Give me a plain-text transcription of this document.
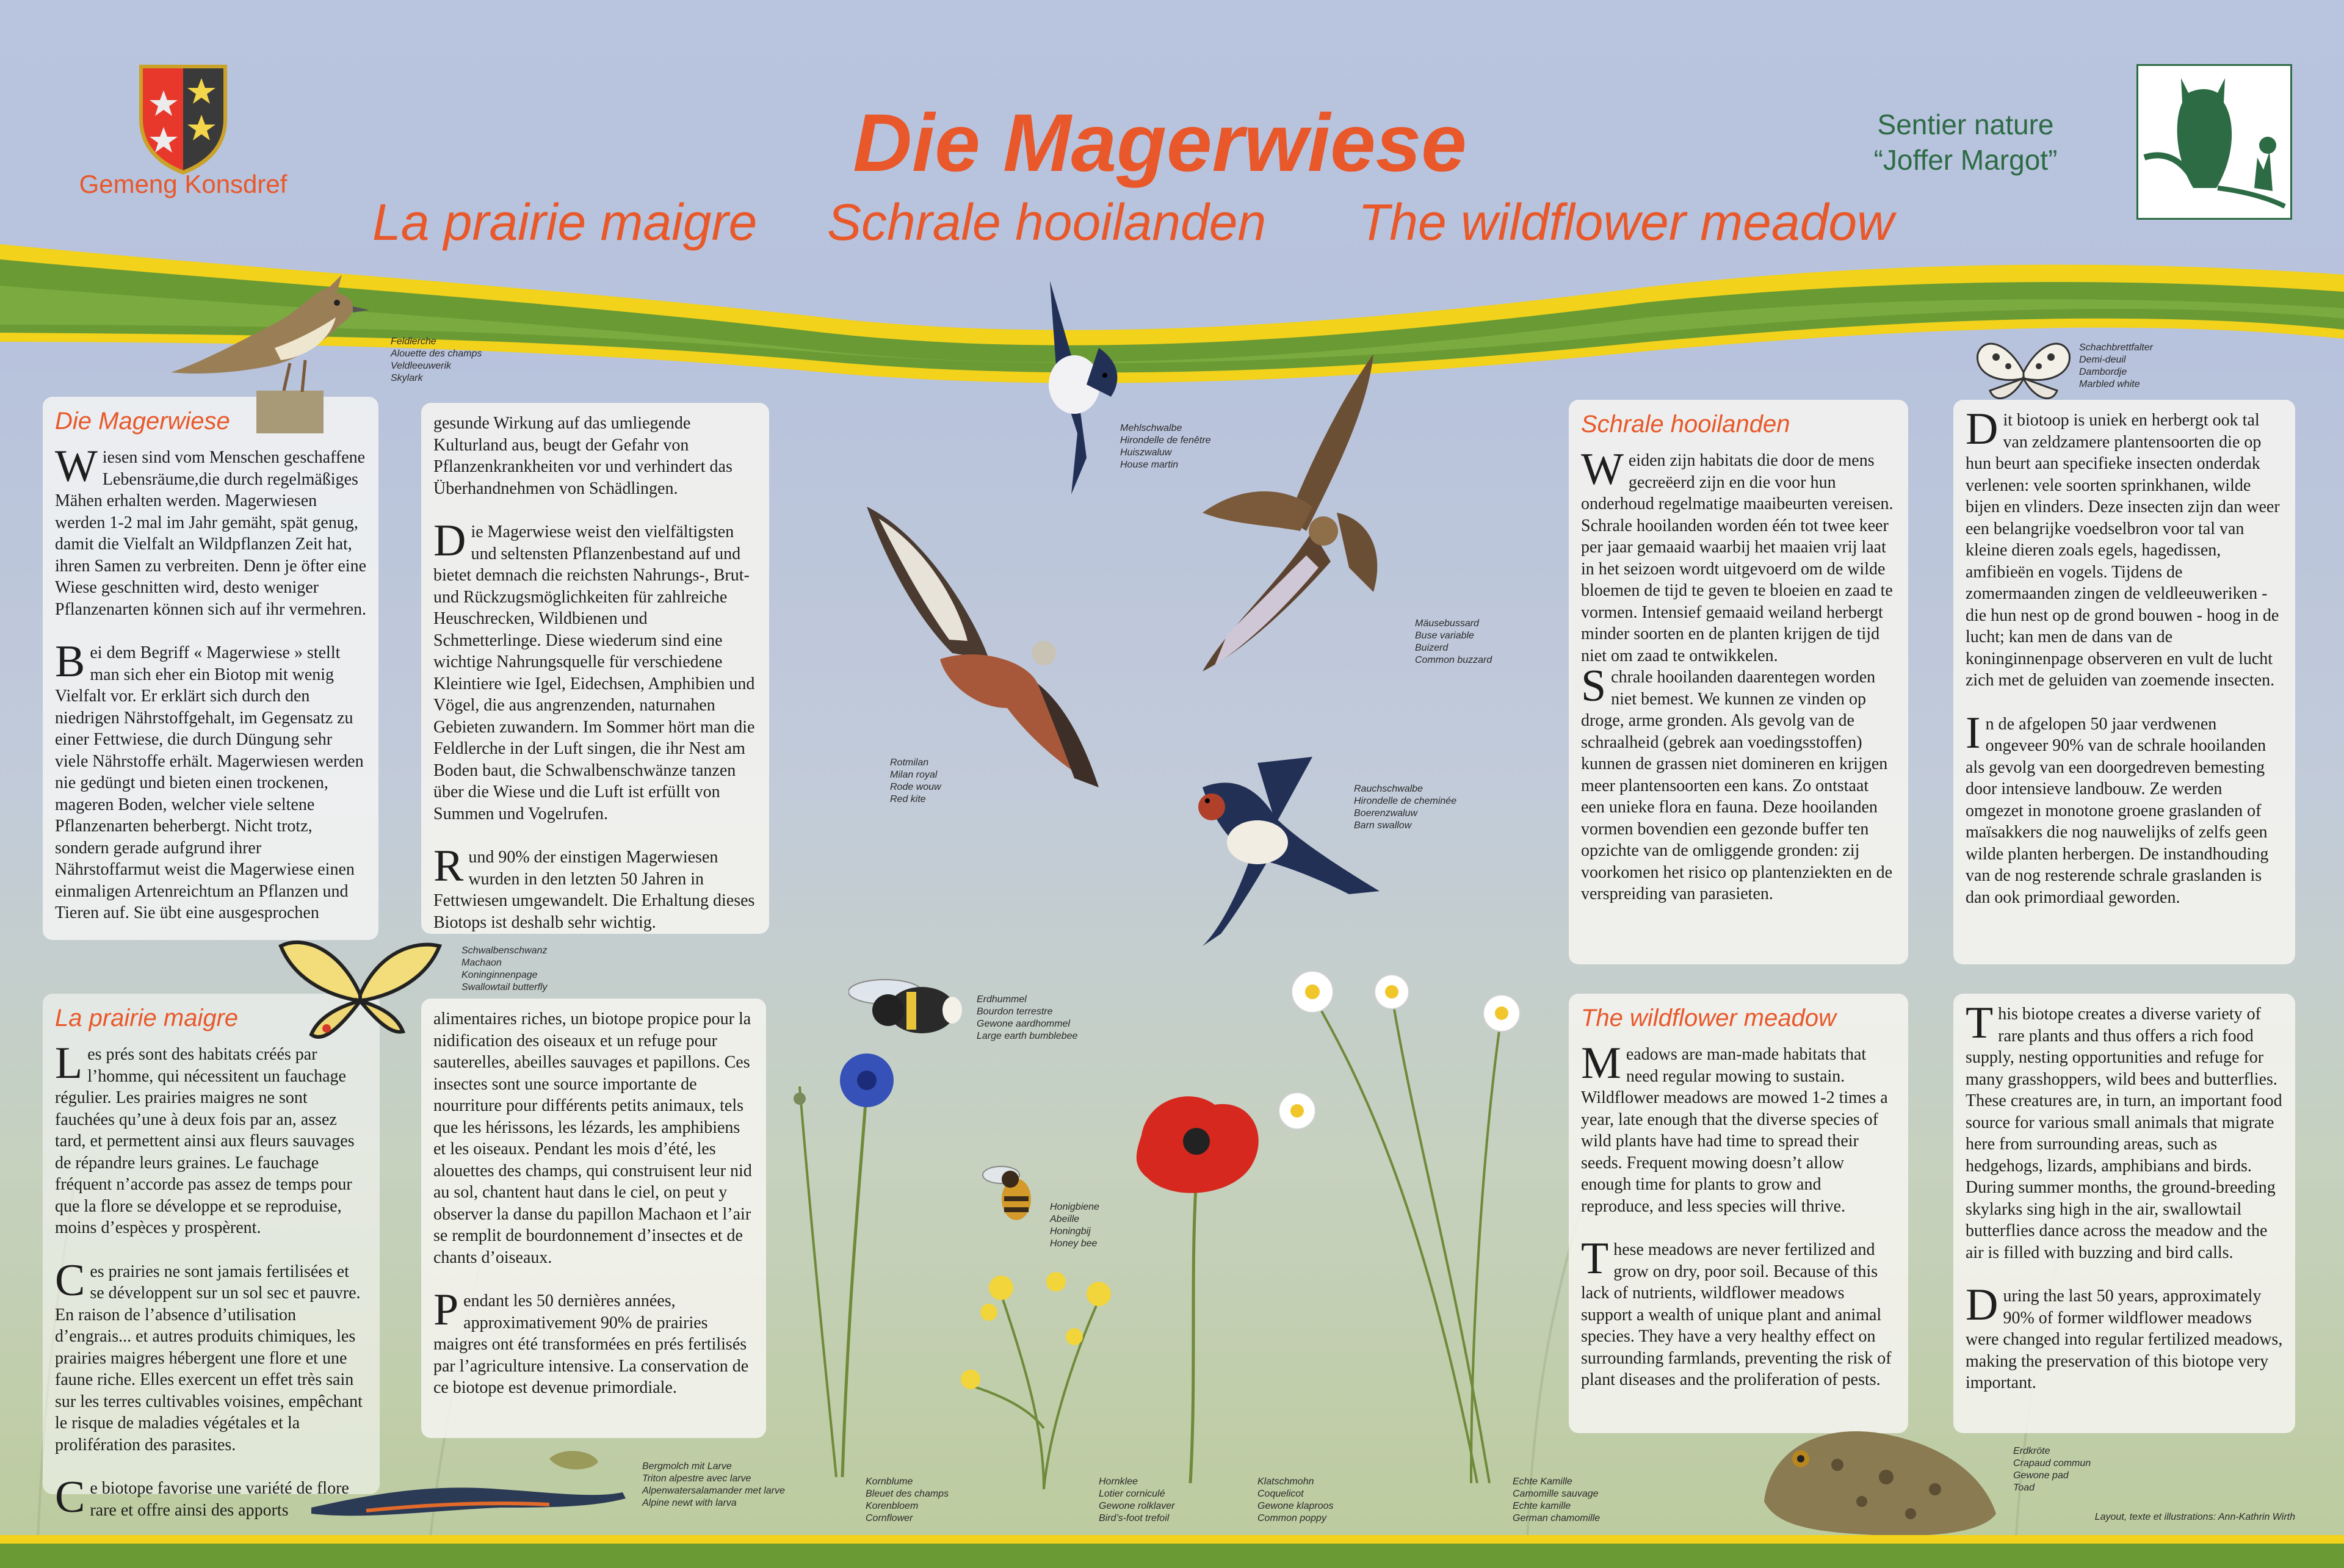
Gemeng Konsdref	Die Magerwiese
La prairie maigre Schrale hooilanden The wildflower meadow
Sentier nature
“Joffer Margot”
Die Magerwiese

Wiesen sind vom Menschen geschaffene Lebensräume,die durch regelmäßiges Mähen erhalten werden. Magerwiesen werden 1-2 mal im Jahr gemäht, spät genug, damit die Vielfalt an Wildpflanzen Zeit hat, ihren Samen zu verbreiten. Denn je öfter eine Wiese geschnitten wird, desto weniger Pflanzenarten können sich auf ihr vermehren.

Bei dem Begriff « Magerwiese » stellt man sich eher ein Biotop mit wenig Vielfalt vor. Er erklärt sich durch den niedrigen Nährstoffgehalt, im Gegensatz zu einer Fettwiese, die durch Düngung sehr viele Nährstoffe erhält. Magerwiesen werden nie gedüngt und bieten einen trockenen, mageren Boden, welcher viele seltene Pflanzenarten beherbergt. Nicht trotz, sondern gerade aufgrund ihrer Nährstoffarmut weist die Magerwiese einen einmaligen Artenreichtum an Pflanzen und Tieren auf. Sie übt eine ausgesprochen

gesunde Wirkung auf das umliegende Kulturland aus, beugt der Gefahr von Pflanzenkrankheiten vor und verhindert das Überhandnehmen von Schädlingen.

Die Magerwiese weist den vielfältigsten und seltensten Pflanzenbestand auf und bietet demnach die reichsten Nahrungs-, Brut- und Rückzugsmöglichkeiten für zahlreiche Heuschrecken, Wildbienen und Schmetterlinge. Diese wiederum sind eine wichtige Nahrungsquelle für verschiedene Kleintiere wie Igel, Eidechsen, Amphibien und Vögel, die aus angrenzenden, naturnahen Gebieten zuwandern. Im Sommer hört man die Feldlerche in der Luft singen, die ihr Nest am Boden baut, die Schwalbenschwänze tanzen über die Wiese und die Luft ist erfüllt von Summen und Vogelrufen.

Rund 90% der einstigen Magerwiesen wurden in den letzten 50 Jahren in Fettwiesen umgewandelt. Die Erhaltung dieses Biotops ist deshalb sehr wichtig.

La prairie maigre

Les prés sont des habitats créés par l’homme, qui nécessitent un fauchage régulier. Les prairies maigres ne sont fauchées qu’une à deux fois par an, assez tard, et permettent ainsi aux fleurs sauvages de répandre leurs graines. Le fauchage fréquent n’accorde pas assez de temps pour que la flore se développe et se reproduise, moins d’espèces y prospèrent.

Ces prairies ne sont jamais fertilisées et se développent sur un sol sec et pauvre. En raison de l’absence d’utilisation d’engrais... et autres produits chimiques, les prairies maigres hébergent une flore et une faune riche. Elles exercent un effet très sain sur les terres cultivables voisines, empêchant le risque de maladies végétales et la prolifération des parasites.

Ce biotope favorise une variété de flore rare et offre ainsi des apports

alimentaires riches, un biotope propice pour la nidification des oiseaux et un refuge pour sauterelles, abeilles sauvages et papillons. Ces insectes sont une source importante de nourriture pour différents petits animaux, tels que les hérissons, les lézards, les amphibiens et les oiseaux. Pendant les mois d’été, les alouettes des champs, qui construisent leur nid au sol, chantent haut dans le ciel, on peut y observer la danse du papillon Machaon et l’air se remplit de bourdonnement d’insectes et de chants d’oiseaux.

Pendant les 50 dernières années, approximativement 90% de prairies maigres ont été transformées en prés fertilisés par l’agriculture intensive. La conservation de ce biotope est devenue primordiale.

Schrale hooilanden

Weiden zijn habitats die door de mens gecreëerd zijn en die voor hun onderhoud regelmatige maaibeurten vereisen. Schrale hooilanden worden één tot twee keer per jaar gemaaid waarbij het maaien vrij laat in het seizoen wordt uitgevoerd om de wilde bloemen de tijd te geven te bloeien en zaad te vormen. Intensief gemaaid weiland herbergt minder soorten en de planten krijgen de tijd niet om zaad te ontwikkelen.

Schrale hooilanden daarentegen worden niet bemest. We kunnen ze vinden op droge, arme gronden. Als gevolg van de schraalheid (gebrek aan voedingsstoffen) kunnen de grassen niet domineren en krijgen meer plantensoorten een kans. Zo ontstaat een unieke flora en fauna. Deze hooilanden vormen bovendien een gezonde buffer ten opzichte van de omliggende gronden: zij voorkomen het risico op plantenziekten en de verspreiding van parasieten.

Dit biotoop is uniek en herbergt ook tal van zeldzamere plantensoorten die op hun beurt aan specifieke insecten onderdak verlenen: vele soorten sprinkhanen, wilde bijen en vlinders. Deze insecten zijn dan weer een belangrijke voedselbron voor tal van kleine dieren zoals egels, hagedissen, amfibieën en vogels. Tijdens de zomermaanden zingen de veldleeuweriken - die hun nest op de grond bouwen - hoog in de lucht; kan men de dans van de koninginnenpage observeren en vult de lucht zich met de geluiden van zoemende insecten.

In de afgelopen 50 jaar verdwenen ongeveer 90% van de schrale hooilanden als gevolg van een doorgedreven bemesting door intensieve landbouw. Ze werden omgezet in monotone groene graslanden of maïsakkers die nog nauwelijks of zelfs geen wilde planten herbergen. De instandhouding van de nog resterende schrale graslanden is dan ook primordiaal geworden.

The wildflower meadow

Meadows are man-made habitats that need regular mowing to sustain. Wildflower meadows are mowed 1-2 times a year, late enough that the diverse species of wild plants have had time to spread their seeds. Frequent mowing doesn’t allow enough time for plants to grow and reproduce, and less species will thrive.

These meadows are never fertilized and grow on dry, poor soil. Because of this lack of nutrients, wildflower meadows support a wealth of unique plant and animal species. They have a very healthy effect on surrounding farmlands, preventing the risk of plant diseases and the proliferation of pests.

This biotope creates a diverse variety of rare plants and thus offers a rich food supply, nesting opportunities and refuge for many grasshoppers, wild bees and butterflies. These creatures are, in turn, an important food source for various small animals that migrate here from surrounding areas, such as hedgehogs, lizards, amphibians and birds. During summer months, the ground-breeding skylarks sing high in the air, swallowtail butterflies dance across the meadow and the air is filled with buzzing and bird calls.

During the last 50 years, approximately 90% of former wildflower meadows were changed into regular fertilized meadows, making the preservation of this biotope very important.

Feldlerche
Alouette des champs
Veldleeuwerik
Skylark
Mehlschwalbe
Hirondelle de fenêtre
Huiszwaluw
House martin
Rotmilan
Milan royal
Rode wouw
Red kite
Mäusebussard
Buse variable
Buizerd
Common buzzard
Rauchschwalbe
Hirondelle de cheminée
Boerenzwaluw
Barn swallow
Schachbrettfalter
Demi-deuil
Dambordje
Marbled white
Schwalbenschwanz
Machaon
Koninginnenpage
Swallowtail butterfly
Erdhummel
Bourdon terrestre
Gewone aardhommel
Large earth bumblebee
Honigbiene
Abeille
Honingbij
Honey bee
Kornblume
Bleuet des champs
Korenbloem
Cornflower
Hornklee
Lotier corniculé
Gewone rolklaver
Bird’s-foot trefoil
Klatschmohn
Coquelicot
Gewone klaproos
Common poppy
Echte Kamille
Camomille sauvage
Echte kamille
German chamomille
Bergmolch mit Larve
Triton alpestre avec larve
Alpenwatersalamander met larve
Alpine newt with larva
Erdkröte
Crapaud commun
Gewone pad
Toad
Layout, texte et illustrations: Ann-Kathrin Wirth
